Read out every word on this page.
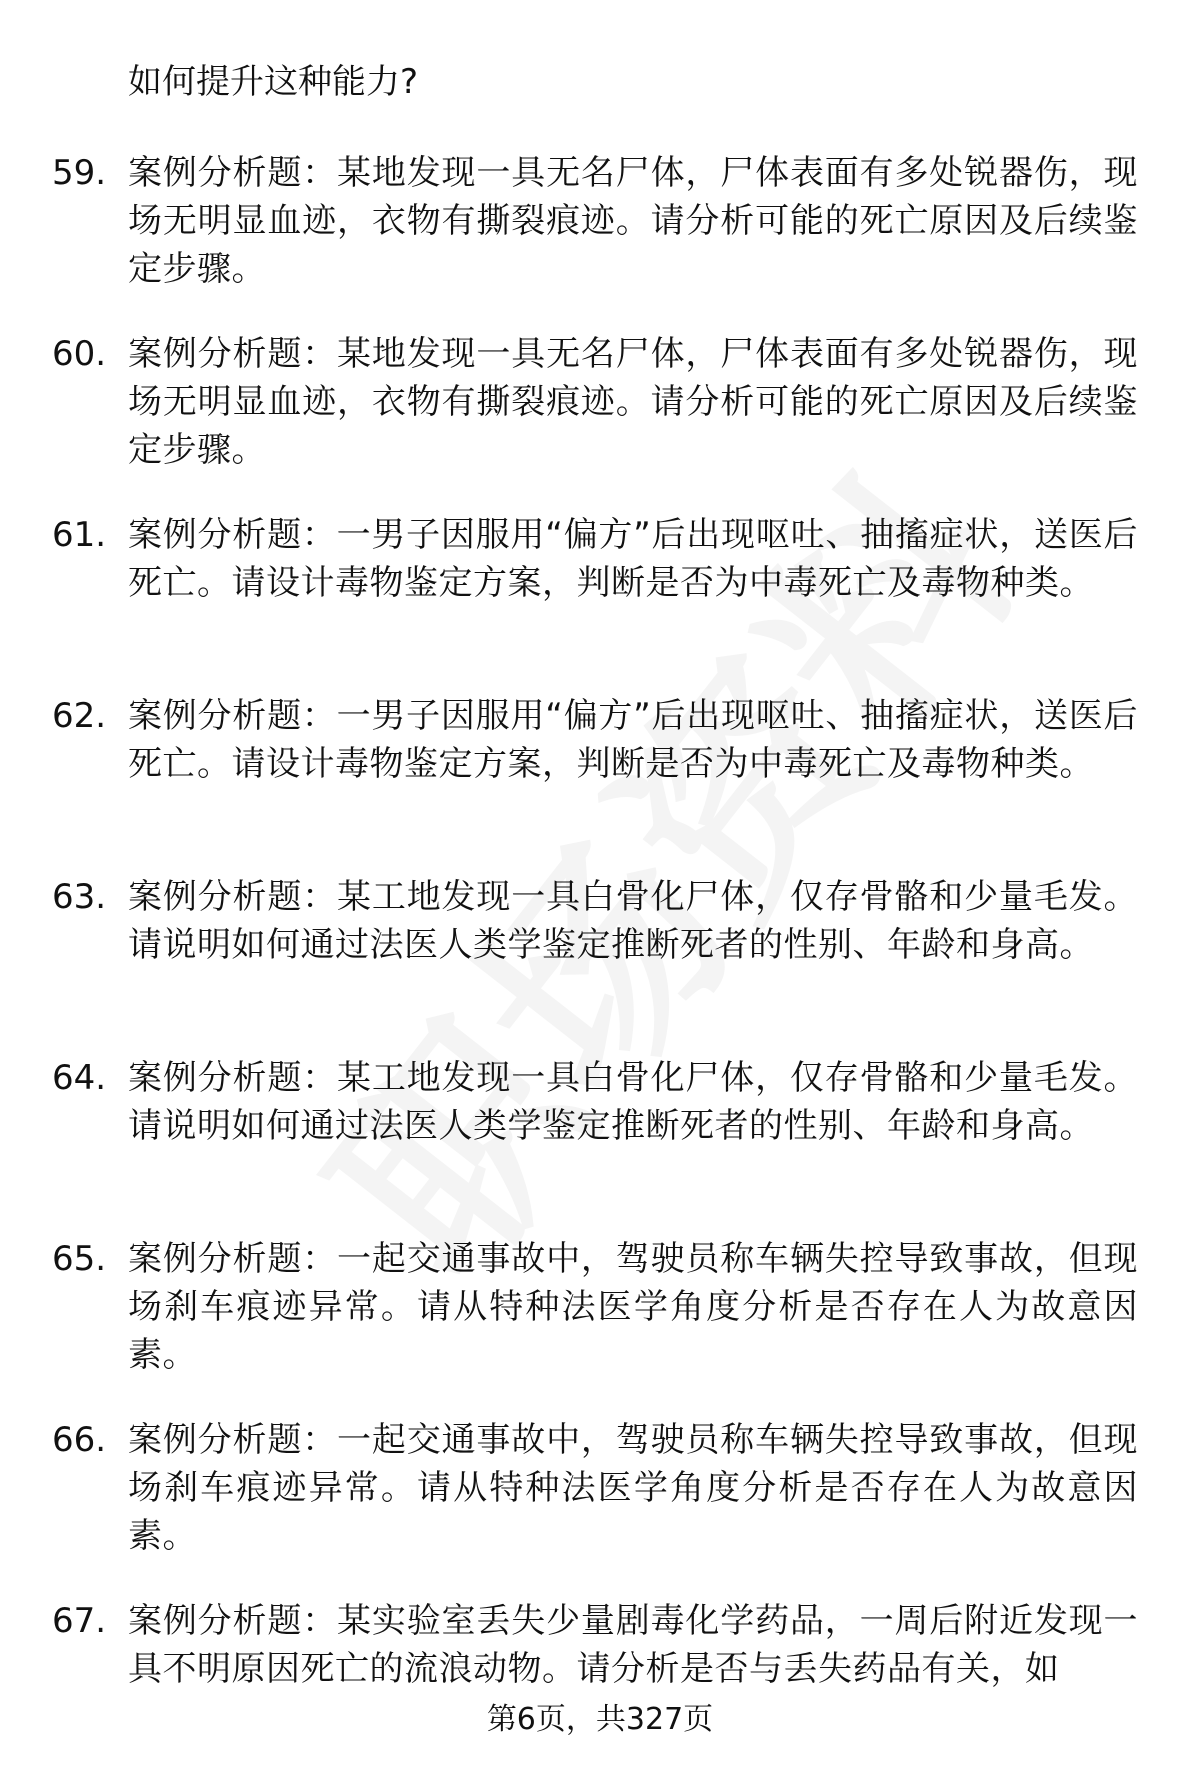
如何提升这种能力?

59. 案例分析题：某地发现一具无名尸体，尸体表面有多处锐器伤，现场无明显血迹，衣物有撕裂痕迹。请分析可能的死亡原因及后续鉴定步骤。
60. 案例分析题：某地发现一具无名尸体，尸体表面有多处锐器伤，现场无明显血迹，衣物有撕裂痕迹。请分析可能的死亡原因及后续鉴定步骤。
61. 案例分析题：一男子因服用“偏方”后出现呕吐、抽搐症状，送医后死亡。请设计毒物鉴定方案，判断是否为中毒死亡及毒物种类。
62. 案例分析题：一男子因服用“偏方”后出现呕吐、抽搐症状，送医后死亡。请设计毒物鉴定方案，判断是否为中毒死亡及毒物种类。
63. 案例分析题：某工地发现一具白骨化尸体，仅存骨骼和少量毛发。请说明如何通过法医人类学鉴定推断死者的性别、年龄和身高。
64. 案例分析题：某工地发现一具白骨化尸体，仅存骨骼和少量毛发。请说明如何通过法医人类学鉴定推断死者的性别、年龄和身高。
65. 案例分析题：一起交通事故中，驾驶员称车辆失控导致事故，但现场刹车痕迹异常。请从特种法医学角度分析是否存在人为故意因素。
66. 案例分析题：一起交通事故中，驾驶员称车辆失控导致事故，但现场刹车痕迹异常。请从特种法医学角度分析是否存在人为故意因素。
67. 案例分析题：某实验室丢失少量剧毒化学药品，一周后附近发现一具不明原因死亡的流浪动物。请分析是否与丢失药品有关，如
第6页，共327页
